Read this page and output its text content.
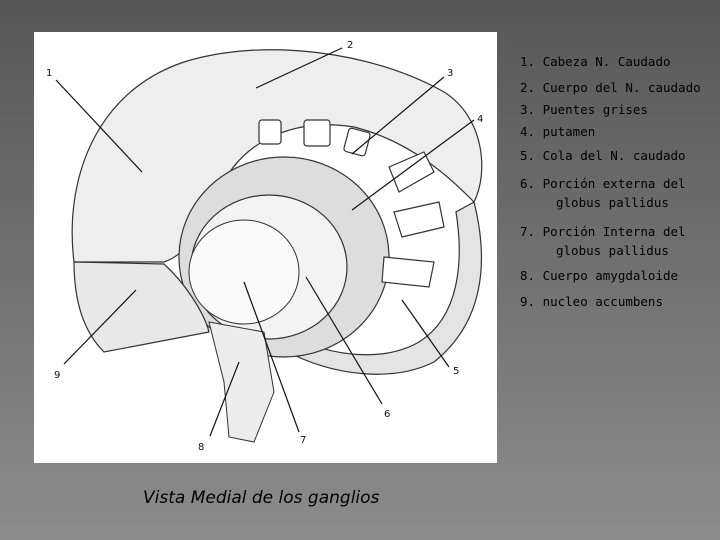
1
2
3
4
5
6
7
8
9
1. Cabeza N. Caudado
2. Cuerpo del N. caudado
3. Puentes grises
4. putamen
5. Cola del N. caudado
6. Porción externa del
globus pallidus
7. Porción Interna del
globus pallidus
8. Cuerpo amygdaloide
9. nucleo accumbens
Vista Medial de los ganglios
